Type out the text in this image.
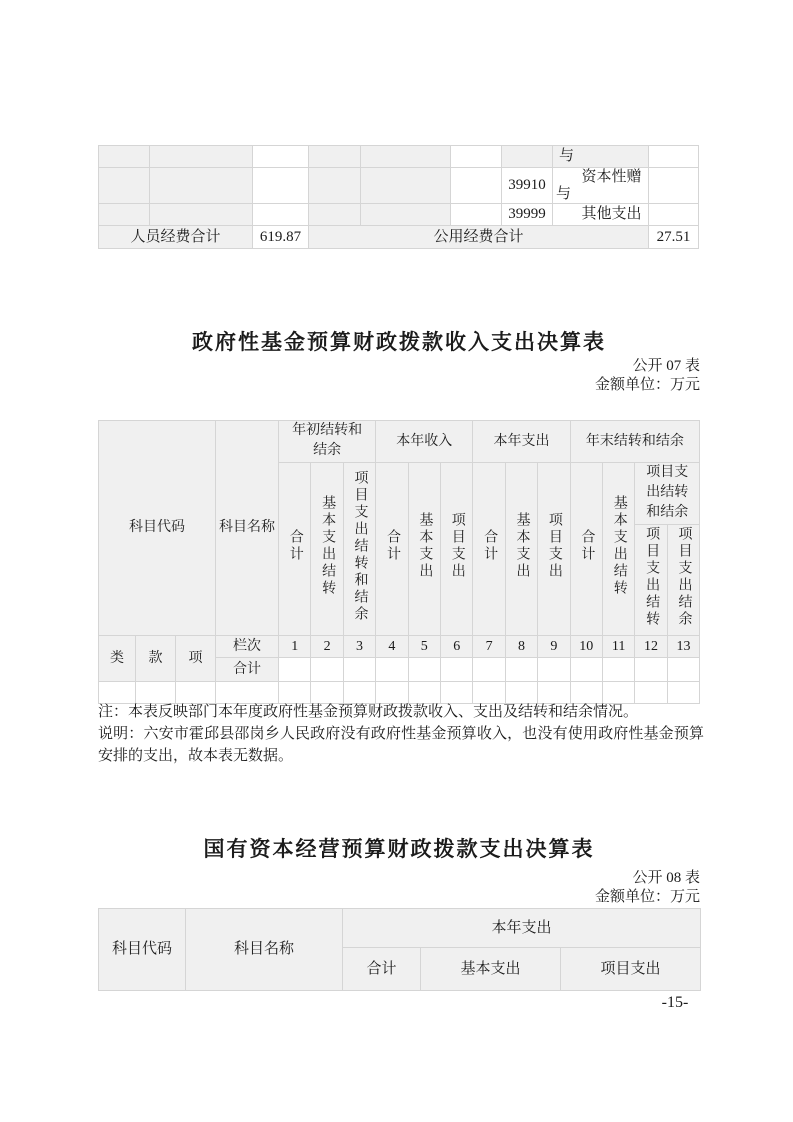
							与	
						39910	资本性赠与	
						39999	其他支出	
人员经费合计		619.87	公用经费合计					27.51
政府性基金预算财政拨款收入支出决算表
公开 07 表
金额单位：万元
科目代码			科目名称	年初结转和结余			本年收入			本年支出			年末结转和结余			
				合计	基本支出结转	项目支出结转和结余	合计	基本支出	项目支出	合计	基本支出	项目支出	合计	基本支出结转	项目支出结转和结余	
															项目支出结转	项目支出结余
类	款	项	栏次	1	2	3	4	5	6	7	8	9	10	11	12	13
			合计													

注：本表反映部门本年度政府性基金预算财政拨款收入、支出及结转和结余情况。
说明：六安市霍邱县邵岗乡人民政府没有政府性基金预算收入，也没有使用政府性基金预算安排的支出，故本表无数据。
国有资本经营预算财政拨款支出决算表
公开 08 表
金额单位：万元
科目代码	科目名称	本年支出		
		合计	基本支出	项目支出
-15-
